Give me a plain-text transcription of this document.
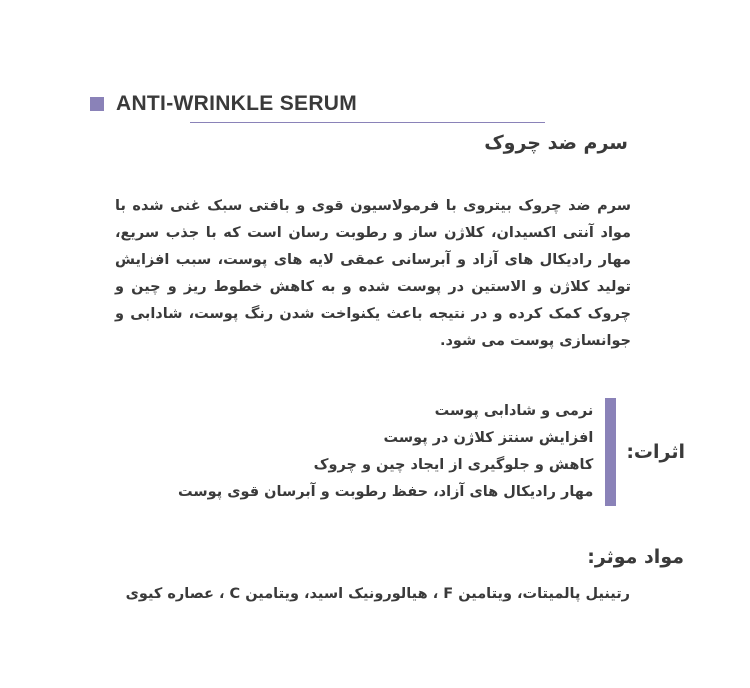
ANTI-WRINKLE SERUM
سرم ضد چروک
سرم ضد چروک بیتروی با فرمولاسیون قوی و بافتی سبک غنی شده با مواد آنتی اکسیدان، کلاژن ساز و رطوبت رسان است که با جذب سریع، مهار رادیکال های آزاد و آبرسانی عمقی لایه های پوست، سبب افزایش تولید کلاژن و الاستین در پوست شده و به کاهش خطوط ریز و چین و چروک کمک کرده و در نتیجه باعث یکنواخت شدن رنگ پوست، شادابی و جوانسازی پوست می شود.
اثرات:
نرمی و شادابی پوست
افزایش سنتز کلاژن در پوست
کاهش و جلوگیری از ایجاد چین و چروک
مهار رادیکال های آزاد، حفظ رطوبت و آبرسان قوی پوست
مواد موثر:
رتینیل پالمیتات، ویتامین F ، هیالورونیک اسید، ویتامین C ، عصاره کیوی
